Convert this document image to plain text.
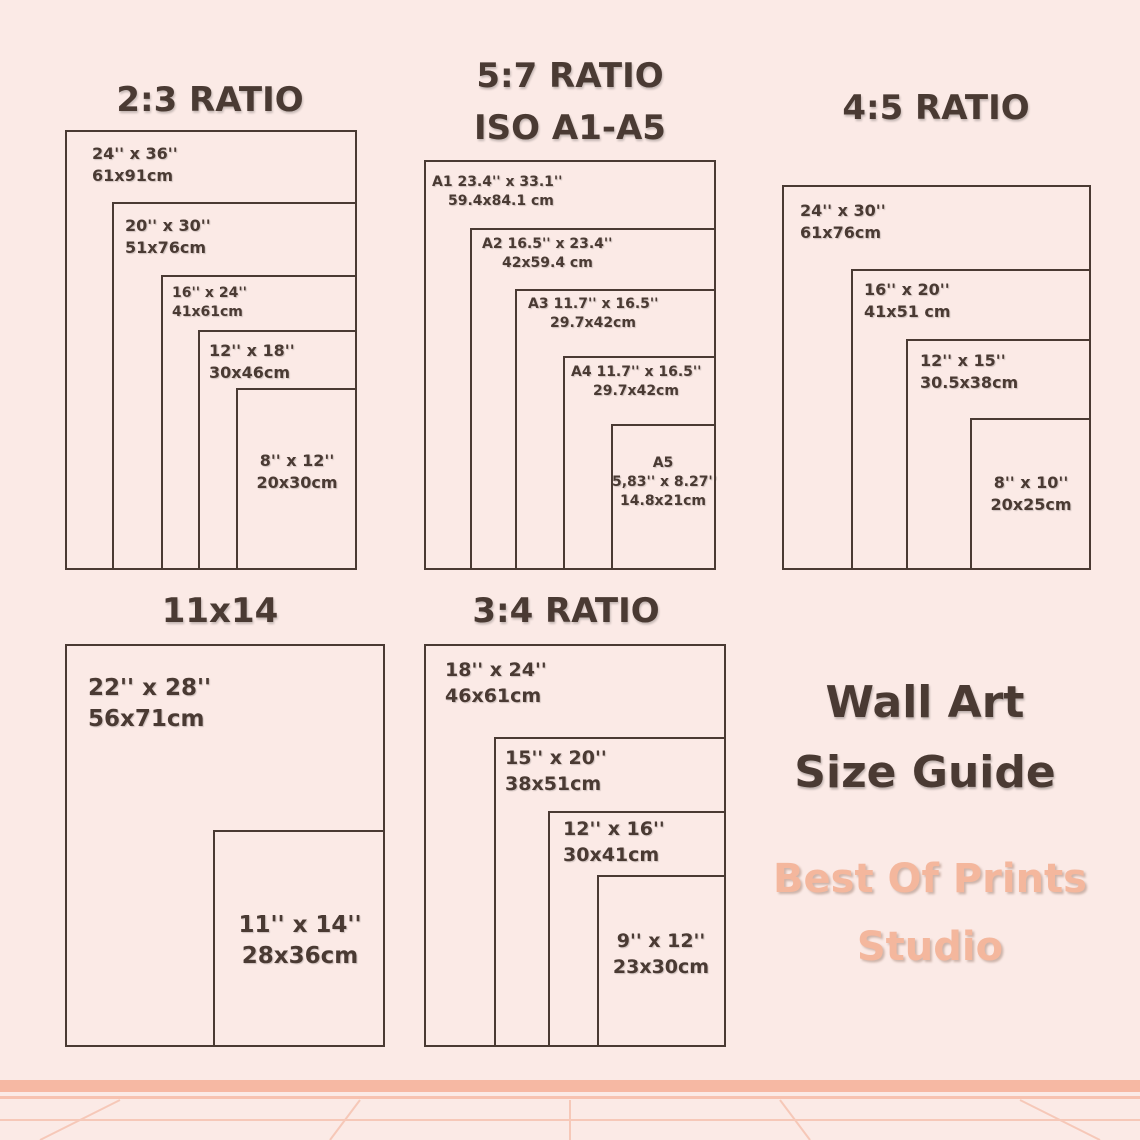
2:3 RATIO
5:7 RATIO
ISO A1-A5	4:5 RATIO
11x14	3:4 RATIO
24'' x 36''
61x91cm
20'' x 30''
51x76cm
16'' x 24''
41x61cm
12'' x 18''
30x46cm
8'' x 12''
20x30cm
A1 23.4'' x 33.1''
59.4x84.1 cm
A2 16.5'' x 23.4''
42x59.4 cm
A3 11.7'' x 16.5''
29.7x42cm
A4 11.7'' x 16.5''
29.7x42cm
A5
5,83'' x 8.27''
14.8x21cm
24'' x 30''
61x76cm
16'' x 20''
41x51 cm
12'' x 15''
30.5x38cm
8'' x 10''
20x25cm
22'' x 28''
56x71cm
11'' x 14''
28x36cm
18'' x 24''
46x61cm
15'' x 20''
38x51cm
12'' x 16''
30x41cm
9'' x 12''
23x30cm
Wall Art
Size Guide
Best Of Prints
Studio
